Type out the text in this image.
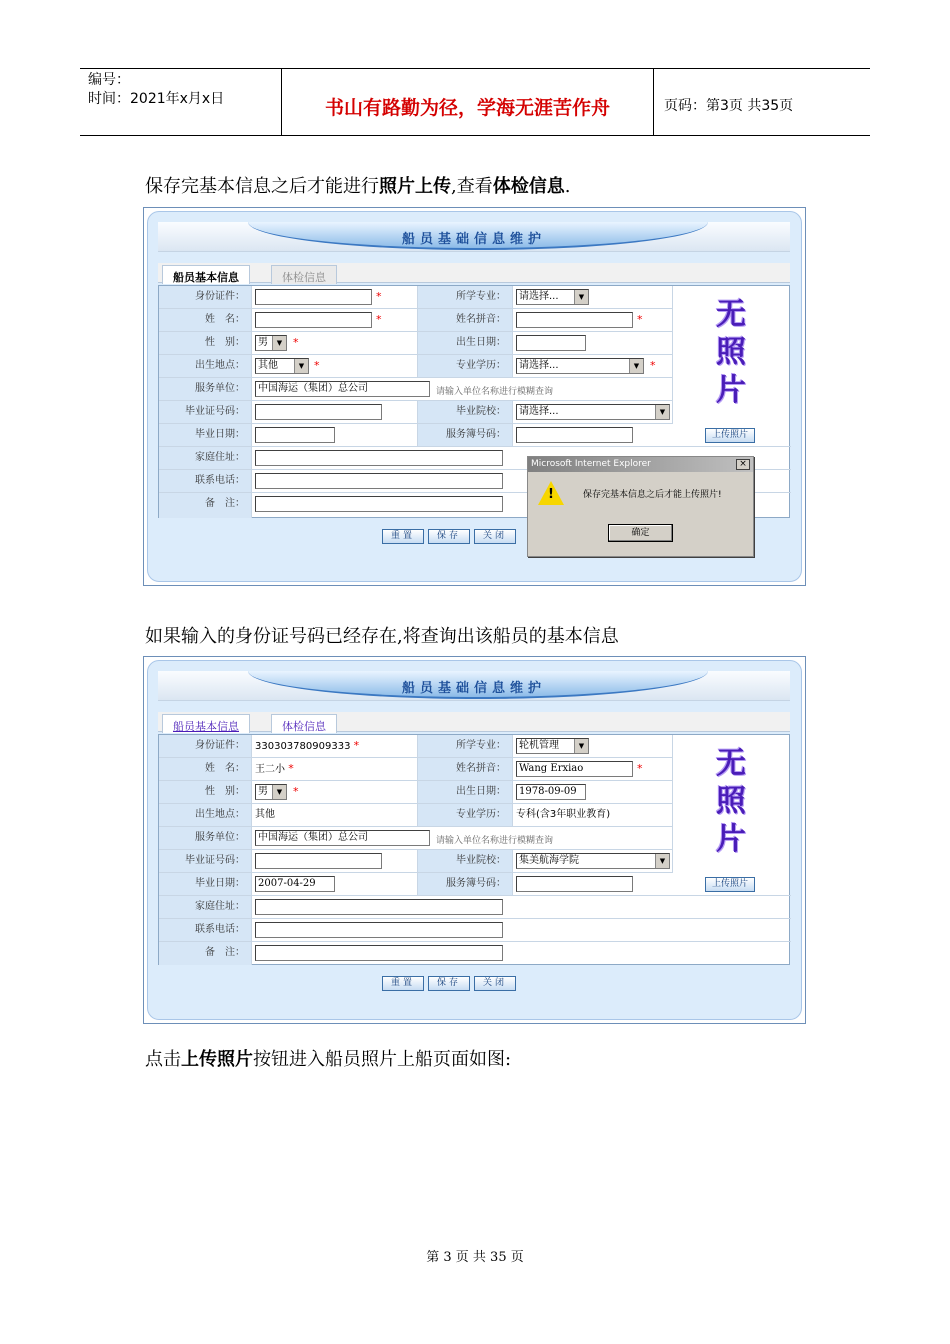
编号：
时间：2021年x月x日	书山有路勤为径，学海无涯苦作舟	页码：第3页 共35页
保存完基本信息之后才能进行照片上传,查看体检信息.
船员基础信息维护
船员基本信息	体检信息
身份证件：	*	所学专业：	请选择... ▼
姓　名：	*	姓名拼音：	*
性　别：	男 ▼	*	出生日期：
出生地点：	其他 ▼	*	专业学历：	请选择... ▼	*
服务单位：	中国海运（集团）总公司	请输入单位名称进行模糊查询
毕业证号码：	毕业院校：	请选择... ▼
毕业日期：	服务簿号码：
家庭住址：
联系电话：
备　注：
无照片
上传照片
重置	保存	关闭
Microsoft Internet Explorer	×
!	保存完基本信息之后才能上传照片!
确定
如果输入的身份证号码已经存在,将查询出该船员的基本信息
船员基础信息维护
船员基本信息	体检信息
身份证件：	330303780909333 *	所学专业：	轮机管理 ▼
姓　名：	王二小 *	姓名拼音：	Wang Erxiao	*
性　别：	男 ▼	*	出生日期：	1978-09-09
出生地点：	其他	专业学历：	专科(含3年职业教育)
服务单位：	中国海运（集团）总公司	请输入单位名称进行模糊查询
毕业证号码：	毕业院校：	集美航海学院 ▼
毕业日期：	2007-04-29	服务簿号码：
家庭住址：
联系电话：
备　注：
无照片
上传照片
重置	保存	关闭
点击上传照片按钮进入船员照片上船页面如图:
第 3 页 共 35 页
